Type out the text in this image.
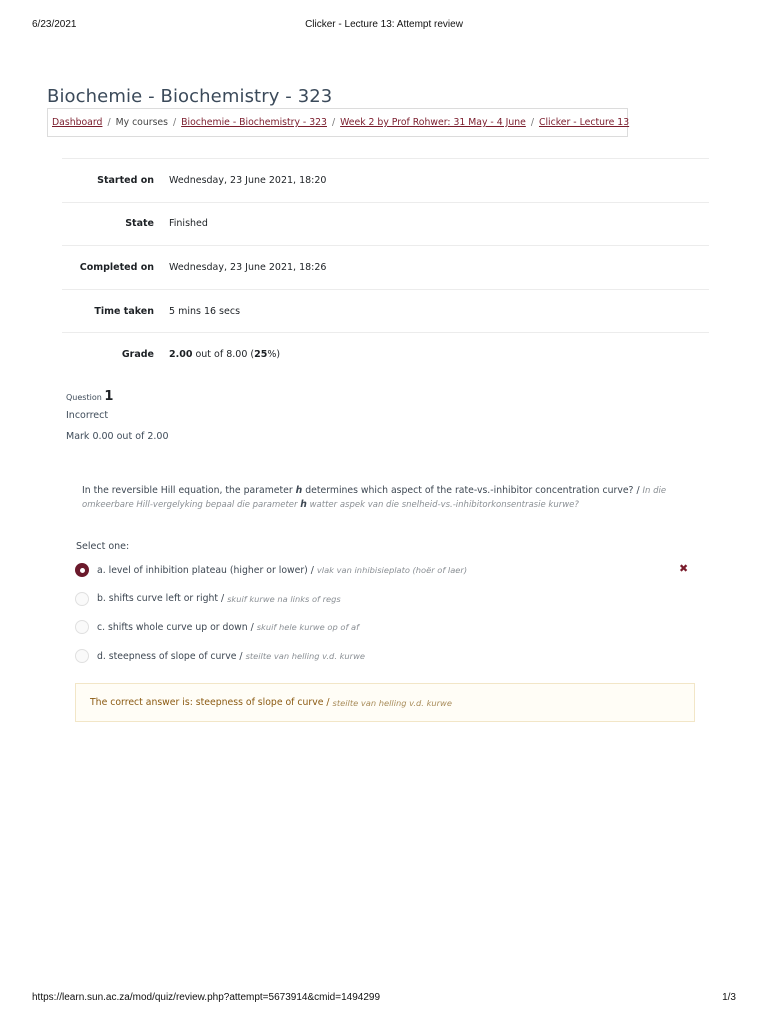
6/23/2021	Clicker - Lecture 13: Attempt review
Biochemie - Biochemistry - 323
Dashboard / My courses / Biochemie - Biochemistry - 323 / Week 2 by Prof Rohwer: 31 May - 4 June / Clicker - Lecture 13
Started on Wednesday, 23 June 2021, 18:20
State Finished
Completed on Wednesday, 23 June 2021, 18:26
Time taken 5 mins 16 secs
Grade 2.00 out of 8.00 (25%)
Question 1
Incorrect
Mark 0.00 out of 2.00
In the reversible Hill equation, the parameter h determines which aspect of the rate-vs.-inhibitor concentration curve? / In die omkeerbare Hill-vergelyking bepaal die parameter h watter aspek van die snelheid-vs.-inhibitorkonsentrasie kurwe?
Select one:
a. level of inhibition plateau (higher or lower) / vlak van inhibisieplato (hoër of laer)	✖
b. shifts curve left or right / skuif kurwe na links of regs
c. shifts whole curve up or down / skuif hele kurwe op of af
d. steepness of slope of curve / steilte van helling v.d. kurwe
The correct answer is: steepness of slope of curve / steilte van helling v.d. kurwe
https://learn.sun.ac.za/mod/quiz/review.php?attempt=5673914&cmid=1494299	1/3
